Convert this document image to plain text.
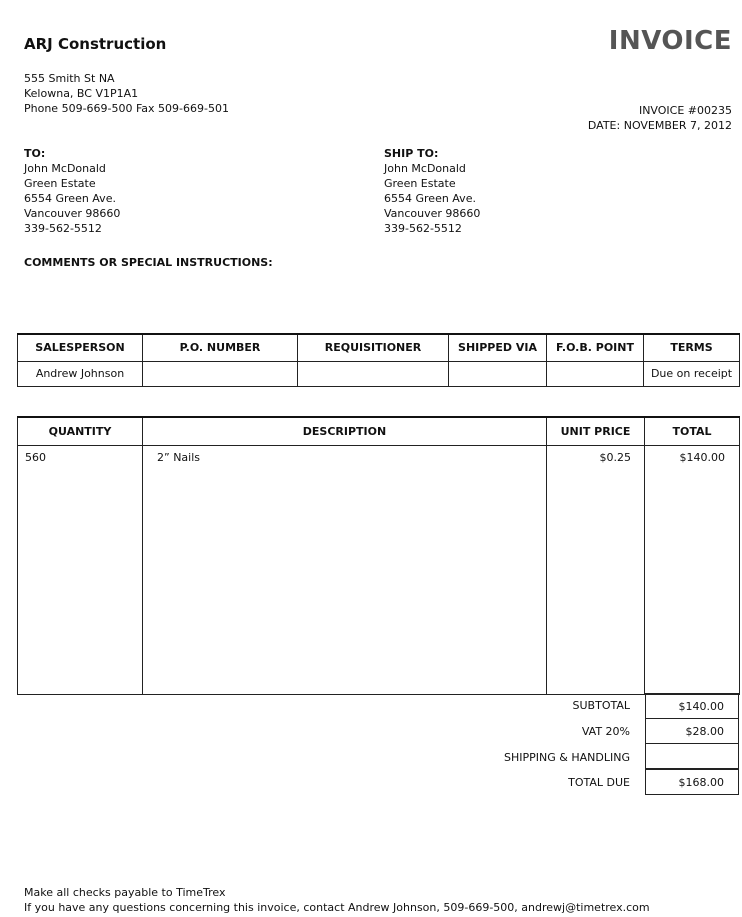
ARJ Construction	INVOICE
555 Smith St NA
Kelowna, BC V1P1A1
Phone 509-669-500 Fax 509-669-501	INVOICE #00235
DATE: NOVEMBER 7, 2012
TO:
John McDonald
Green Estate
6554 Green Ave.
Vancouver 98660
339-562-5512
SHIP TO:
John McDonald
Green Estate
6554 Green Ave.
Vancouver 98660
339-562-5512
COMMENTS OR SPECIAL INSTRUCTIONS:
SALESPERSON	P.O. NUMBER	REQUISITIONER	SHIPPED VIA	F.O.B. POINT	TERMS
Andrew Johnson					Due on receipt
QUANTITY	DESCRIPTION	UNIT PRICE	TOTAL
560	2” Nails	$0.25	$140.00
SUBTOTAL	$140.00
VAT 20%	$28.00
SHIPPING & HANDLING
TOTAL DUE	$168.00
Make all checks payable to TimeTrex
If you have any questions concerning this invoice, contact Andrew Johnson, 509-669-500, andrewj@timetrex.com
